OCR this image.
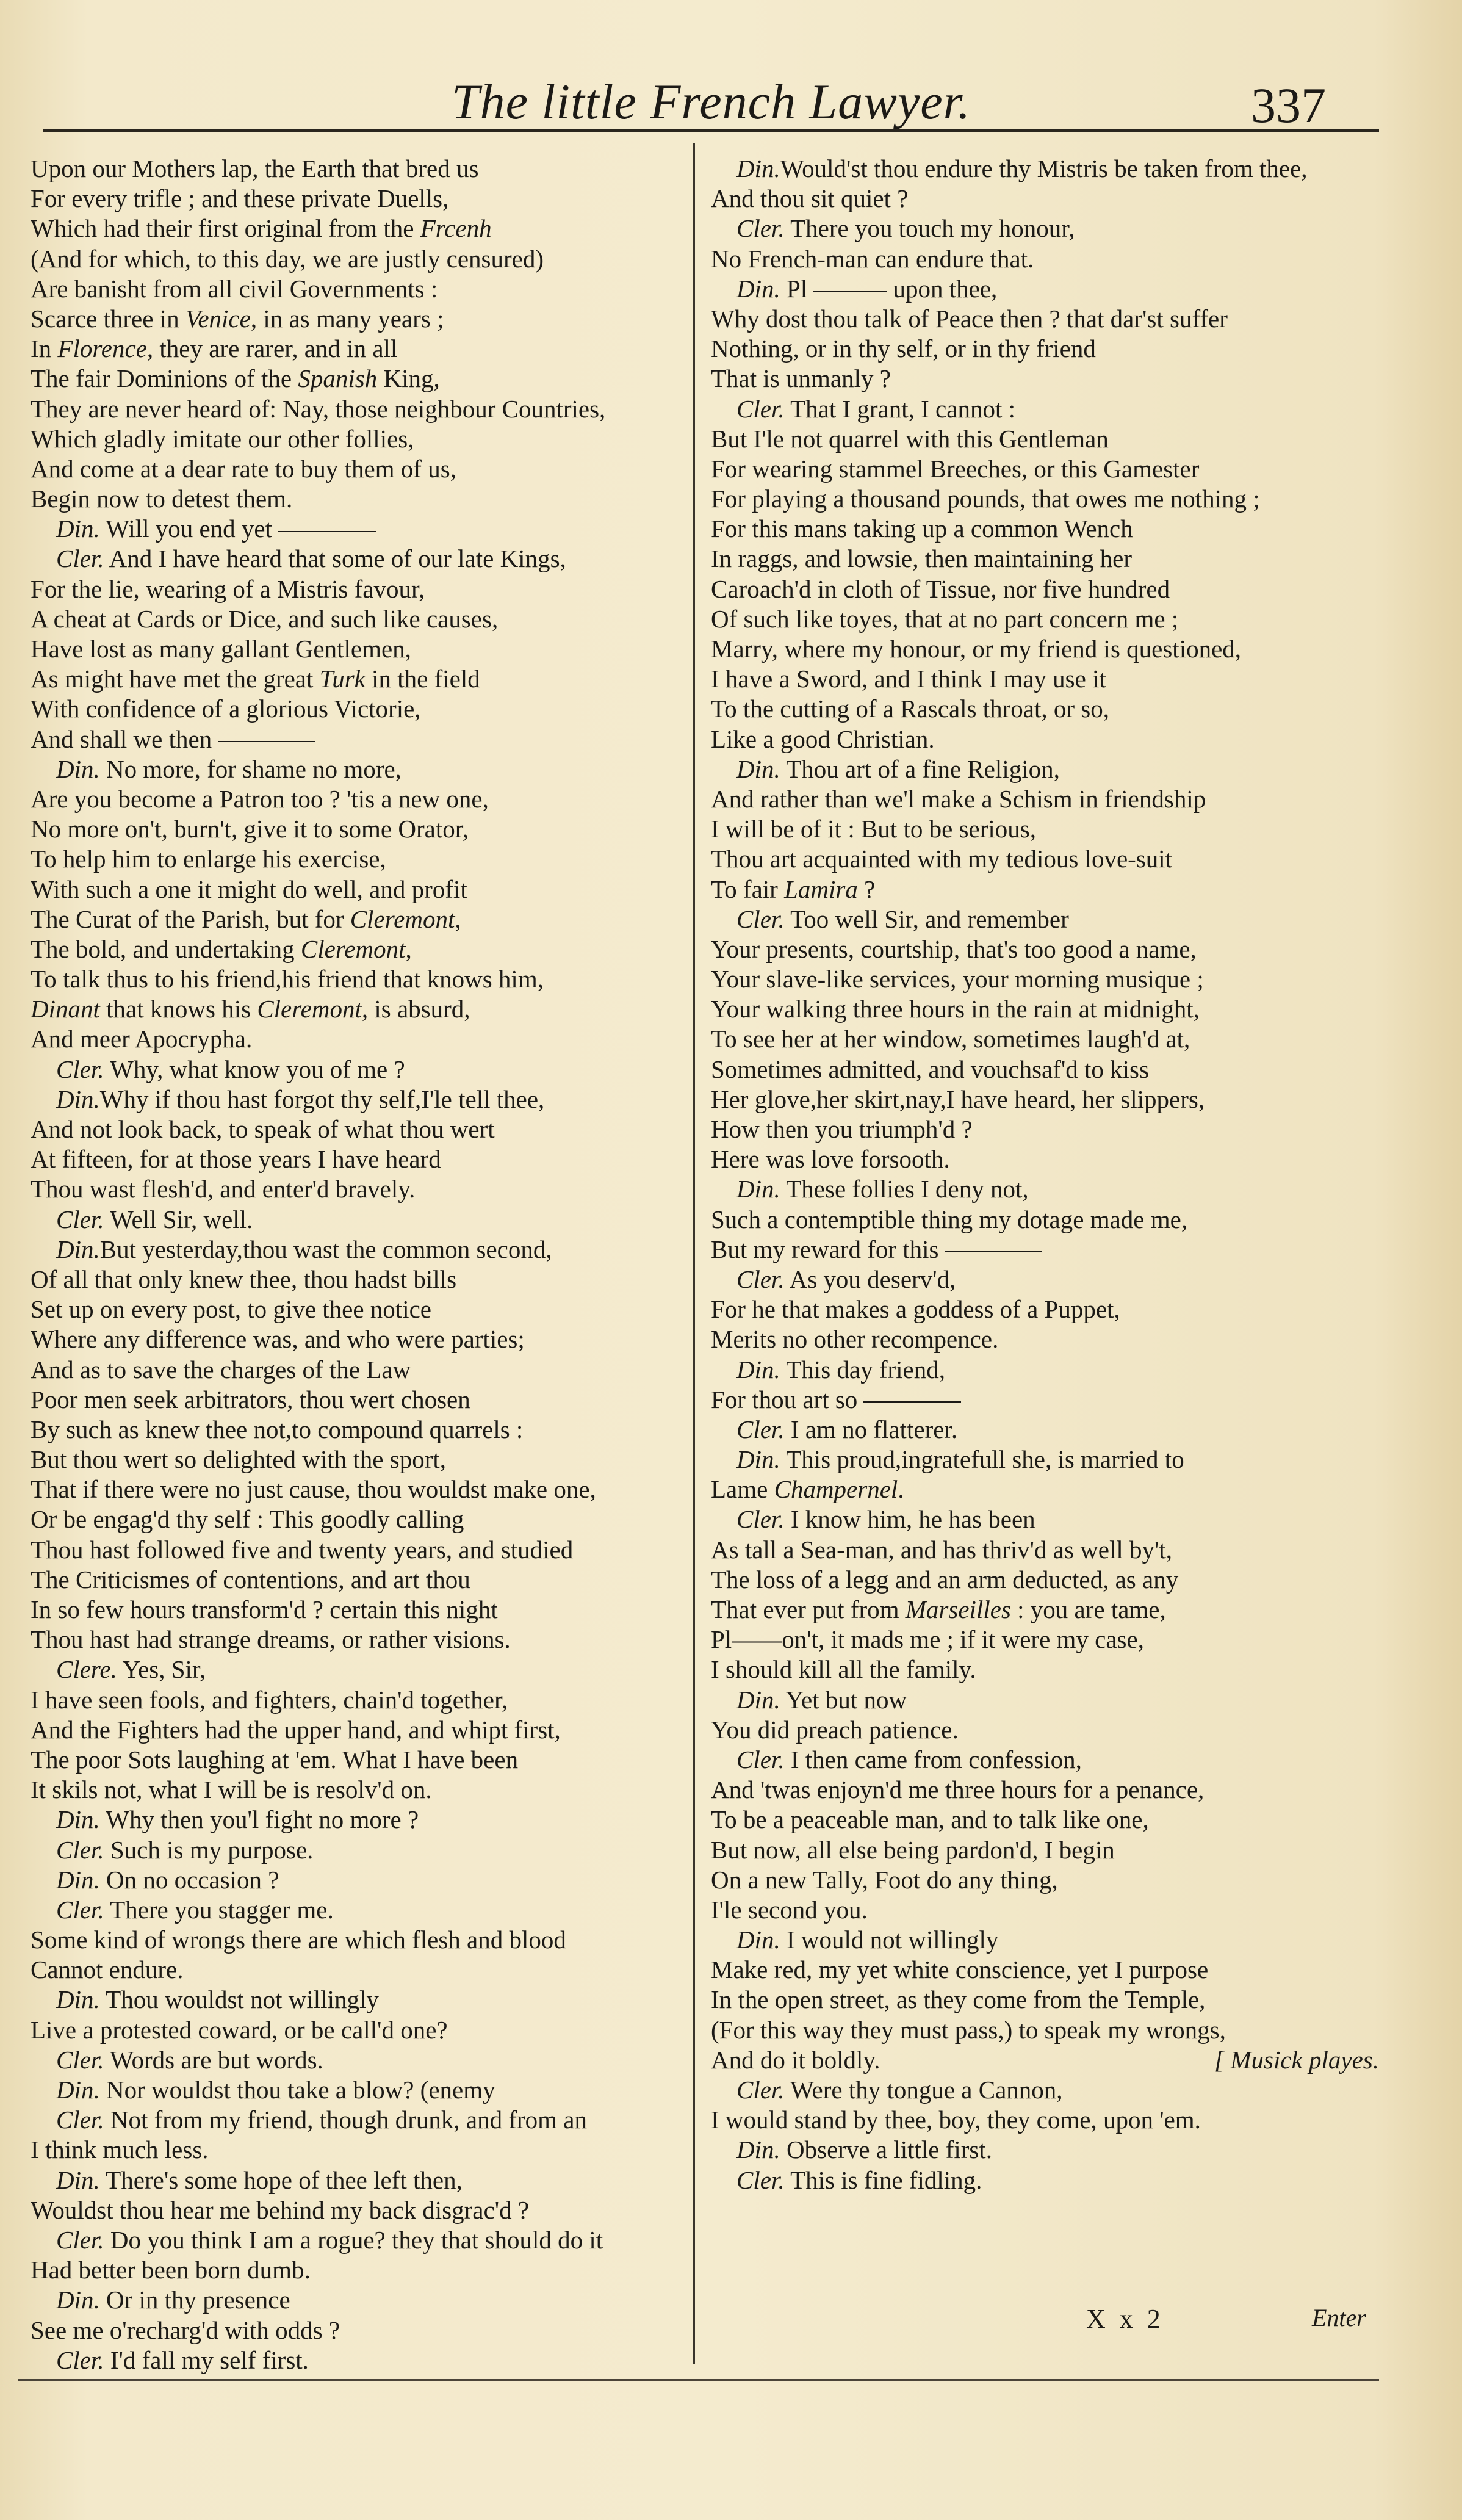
The little French Lawyer.	337
Upon our Mothers lap, the Earth that bred us
For every trifle ; and these private Duells,
Which had their first original from the Frcenh
(And for which, to this day, we are justly censured)
Are banisht from all civil Governments :
Scarce three in Venice, in as many years ;
In Florence, they are rarer, and in all
The fair Dominions of the Spanish King,
They are never heard of: Nay, those neighbour Countries,
Which gladly imitate our other follies,
And come at a dear rate to buy them of us,
Begin now to detest them.
Din. Will you end yet
Cler. And I have heard that some of our late Kings,
For the lie, wearing of a Mistris favour,
A cheat at Cards or Dice, and such like causes,
Have lost as many gallant Gentlemen,
As might have met the great Turk in the field
With confidence of a glorious Victorie,
And shall we then
Din. No more, for shame no more,
Are you become a Patron too ? 'tis a new one,
No more on't, burn't, give it to some Orator,
To help him to enlarge his exercise,
With such a one it might do well, and profit
The Curat of the Parish, but for Cleremont,
The bold, and undertaking Cleremont,
To talk thus to his friend,his friend that knows him,
Dinant that knows his Cleremont, is absurd,
And meer Apocrypha.
Cler. Why, what know you of me ?
Din.Why if thou hast forgot thy self,I'le tell thee,
And not look back, to speak of what thou wert
At fifteen, for at those years I have heard
Thou wast flesh'd, and enter'd bravely.
Cler. Well Sir, well.
Din.But yesterday,thou wast the common second,
Of all that only knew thee, thou hadst bills
Set up on every post, to give thee notice
Where any difference was, and who were parties;
And as to save the charges of the Law
Poor men seek arbitrators, thou wert chosen
By such as knew thee not,to compound quarrels :
But thou wert so delighted with the sport,
That if there were no just cause, thou wouldst make one,
Or be engag'd thy self : This goodly calling
Thou hast followed five and twenty years, and studied
The Criticismes of contentions, and art thou
In so few hours transform'd ? certain this night
Thou hast had strange dreams, or rather visions.
Clere. Yes, Sir,
I have seen fools, and fighters, chain'd together,
And the Fighters had the upper hand, and whipt first,
The poor Sots laughing at 'em. What I have been
It skils not, what I will be is resolv'd on.
Din. Why then you'l fight no more ?
Cler. Such is my purpose.
Din. On no occasion ?
Cler. There you stagger me.
Some kind of wrongs there are which flesh and blood
Cannot endure.
Din. Thou wouldst not willingly
Live a protested coward, or be call'd one?
Cler. Words are but words.
Din. Nor wouldst thou take a blow? (enemy
Cler. Not from my friend, though drunk, and from an
I think much less.
Din. There's some hope of thee left then,
Wouldst thou hear me behind my back disgrac'd ?
Cler. Do you think I am a rogue? they that should do it
Had better been born dumb.
Din. Or in thy presence
See me o'recharg'd with odds ?
Cler. I'd fall my self first.
Din.Would'st thou endure thy Mistris be taken from thee,
And thou sit quiet ?
Cler. There you touch my honour,
No French-man can endure that.
Din. Pl	upon thee,
Why dost thou talk of Peace then ? that dar'st suffer
Nothing, or in thy self, or in thy friend
That is unmanly ?
Cler. That I grant, I cannot :
But I'le not quarrel with this Gentleman
For wearing stammel Breeches, or this Gamester
For playing a thousand pounds, that owes me nothing ;
For this mans taking up a common Wench
In raggs, and lowsie, then maintaining her
Caroach'd in cloth of Tissue, nor five hundred
Of such like toyes, that at no part concern me ;
Marry, where my honour, or my friend is questioned,
I have a Sword, and I think I may use it
To the cutting of a Rascals throat, or so,
Like a good Christian.
Din. Thou art of a fine Religion,
And rather than we'l make a Schism in friendship
I will be of it : But to be serious,
Thou art acquainted with my tedious love-suit
To fair Lamira ?
Cler. Too well Sir, and remember
Your presents, courtship, that's too good a name,
Your slave-like services, your morning musique ;
Your walking three hours in the rain at midnight,
To see her at her window, sometimes laugh'd at,
Sometimes admitted, and vouchsaf'd to kiss
Her glove,her skirt,nay,I have heard, her slippers,
How then you triumph'd ?
Here was love forsooth.
Din. These follies I deny not,
Such a contemptible thing my dotage made me,
But my reward for this
Cler. As you deserv'd,
For he that makes a goddess of a Puppet,
Merits no other recompence.
Din. This day friend,
For thou art so
Cler. I am no flatterer.
Din. This proud,ingratefull she, is married to
Lame Champernel.
Cler. I know him, he has been
As tall a Sea-man, and has thriv'd as well by't,
The loss of a legg and an arm deducted, as any
That ever put from Marseilles : you are tame,
Pl——on't, it mads me ; if it were my case,
I should kill all the family.
Din. Yet but now
You did preach patience.
Cler. I then came from confession,
And 'twas enjoyn'd me three hours for a penance,
To be a peaceable man, and to talk like one,
But now, all else being pardon'd, I begin
On a new Tally, Foot do any thing,
I'le second you.
Din. I would not willingly
Make red, my yet white conscience, yet I purpose
In the open street, as they come from the Temple,
(For this way they must pass,) to speak my wrongs,
And do it boldly.	[ Musick playes.
Cler. Were thy tongue a Cannon,
I would stand by thee, boy, they come, upon 'em.
Din. Observe a little first.
Cler. This is fine fidling.
X x 2	Enter
